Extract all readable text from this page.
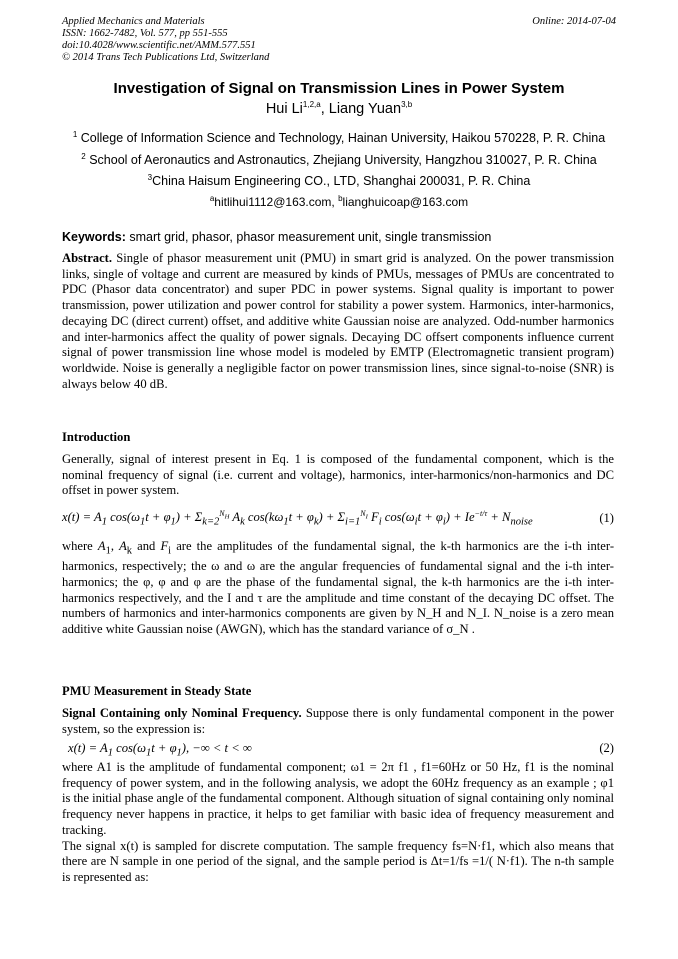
Applied Mechanics and Materials
ISSN: 1662-7482, Vol. 577, pp 551-555
doi:10.4028/www.scientific.net/AMM.577.551
© 2014 Trans Tech Publications Ltd, Switzerland
Online: 2014-07-04
Investigation of Signal on Transmission Lines in Power System
Hui Li$^{1,2,a}$, Liang Yuan$^{3,b}$
$^1$ College of Information Science and Technology, Hainan University, Haikou 570228, P. R. China
$^2$ School of Aeronautics and Astronautics, Zhejiang University, Hangzhou 310027, P. R. China
$^3$China Haisum Engineering CO., LTD, Shanghai 200031, P. R. China
$^a$hitlihui1112@163.com, $^b$lianghuicoap@163.com
Keywords: smart grid, phasor, phasor measurement unit, single transmission
Abstract. Single of phasor measurement unit (PMU) in smart grid is analyzed. On the power transmission links, single of voltage and current are measured by kinds of PMUs, messages of PMUs are concentrated to PDC (Phasor data concentrator) and super PDC in power systems. Signal quality is important to power transmission, power utilization and power control for stability a power system. Harmonics, inter-harmonics, decaying DC (direct current) offset, and additive white Gaussian noise are analyzed. Odd-number harmonics and inter-harmonics affect the quality of power signals. Decaying DC offsert components influence current signal of power transmission line whose model is modeled by EMTP (Electromagnetic transient program) worldwide. Noise is generally a negligible factor on power transmission lines, since signal-to-noise (SNR) is always below 40 dB.
Introduction
Generally, signal of interest present in Eq. 1 is composed of the fundamental component, which is the nominal frequency of signal (i.e. current and voltage), harmonics, inter-harmonics/non-harmonics and DC offset in power system.
$x(t) = A_1$ $\cos(\omega_1t + \varphi_1) + \Sigma_{k=2}^{N_H}$ $A_k$ $\cos(k\omega_1t + \varphi_k) + \Sigma_{i=1}^{N_I}$ $F_i$ $\cos(\omega_it + \varphi_i) + Ie^{-t/\tau} + N_{noise}$	(1)
where $A_1$, $A_k$ and $F_i$ are the amplitudes of the fundamental signal, the k-th harmonics are the i-th inter-harmonics, respectively; the ω and ω are the angular frequencies of fundamental signal and the i-th inter-harmonics; the φ, φ and φ are the phase of the fundamental signal, the k-th harmonics are the i-th inter-harmonics respectively, and the I and τ are the amplitude and time constant of the decaying DC offset. The numbers of harmonics and inter-harmonics components are given by N_H and N_I. N_noise is a zero mean additive white Gaussian noise (AWGN), which has the standard variance of σ_N .
PMU Measurement in Steady State
Signal Containing only Nominal Frequency. Suppose there is only fundamental component in the power system, so the expression is:
$x(t) = A_1$ $\cos(\omega_1t + \varphi_1)$, −∞ < t < ∞	(2)
where A1 is the amplitude of fundamental component; ω1 = 2π f1 , f1=60Hz or 50 Hz, f1 is the nominal frequency of power system, and in the following analysis, we adopt the 60Hz frequency as an example ; φ1 is the initial phase angle of the fundamental component. Although situation of signal containing only nominal frequency never happens in practice, it helps to get familiar with basic idea of frequency measurement and tracking.
The signal x(t) is sampled for discrete computation. The sample frequency fs=N·f1, which also means that there are N sample in one period of the signal, and the sample period is Δt=1/fs =1/( N·f1). The n-th sample is represented as:
